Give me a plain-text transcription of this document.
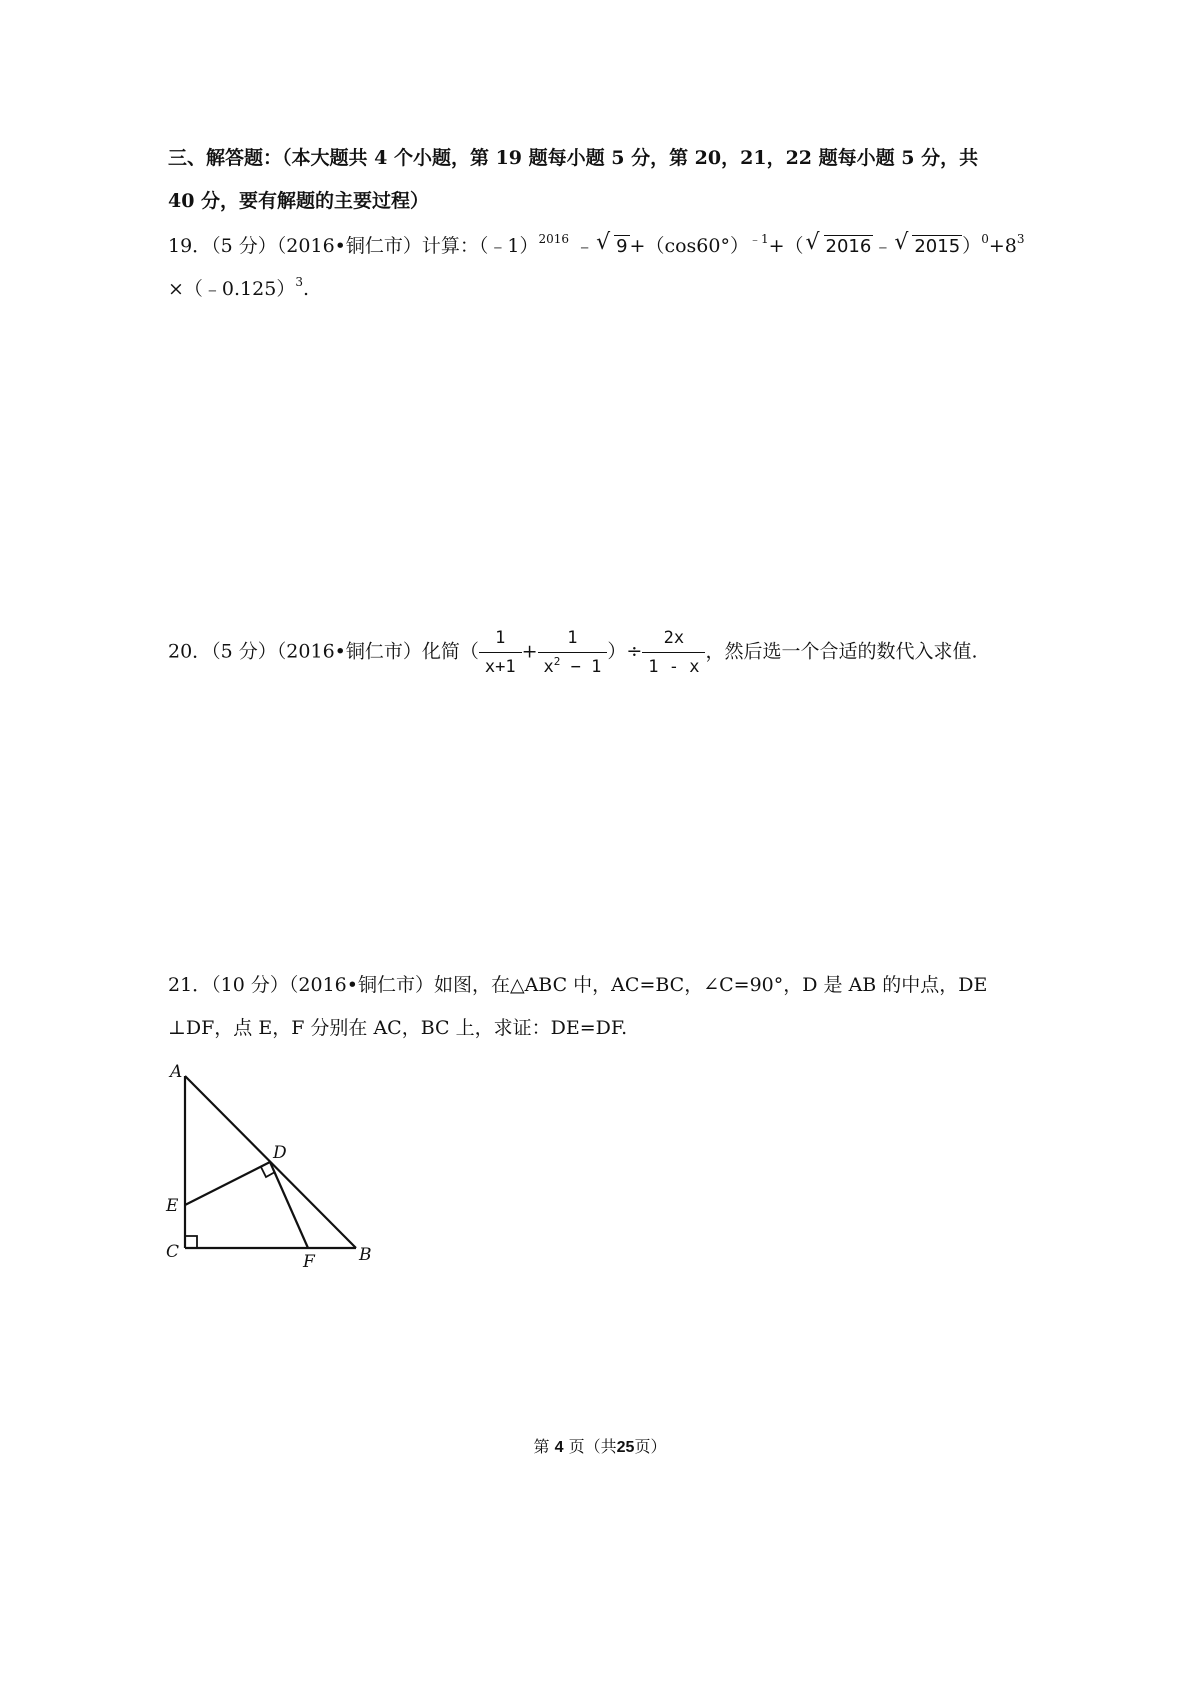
三、解答题：（本大题共 4 个小题，第 19 题每小题 5 分，第 20，21，22 题每小题 5 分，共
40 分，要有解题的主要过程）
19．（5 分）（2016•铜仁市）计算：（﹣1）$^{2016}$ ﹣ √ $9 +(\cos 60^\circ)^{﹣1}+$（ √ 2016 ﹣ √ 2015 ）$^0+8^3$
×（﹣0.125）$^3$.
20．（5 分）（2016•铜仁市）化简（ $\frac{1}{x+1} + \frac{1}{x^2 - 1}$ ）÷ $\frac{2x}{1 - x}$ ，然后选一个合适的数代入求值.
21．（10 分）（2016•铜仁市）如图，在△ABC 中，AC=BC，∠C=90°，D 是 AB 的中点，DE
⊥DF，点 E，F 分别在 AC，BC 上，求证：DE=DF.
A
D
E
C	F	B
第 4 页（共25页）
